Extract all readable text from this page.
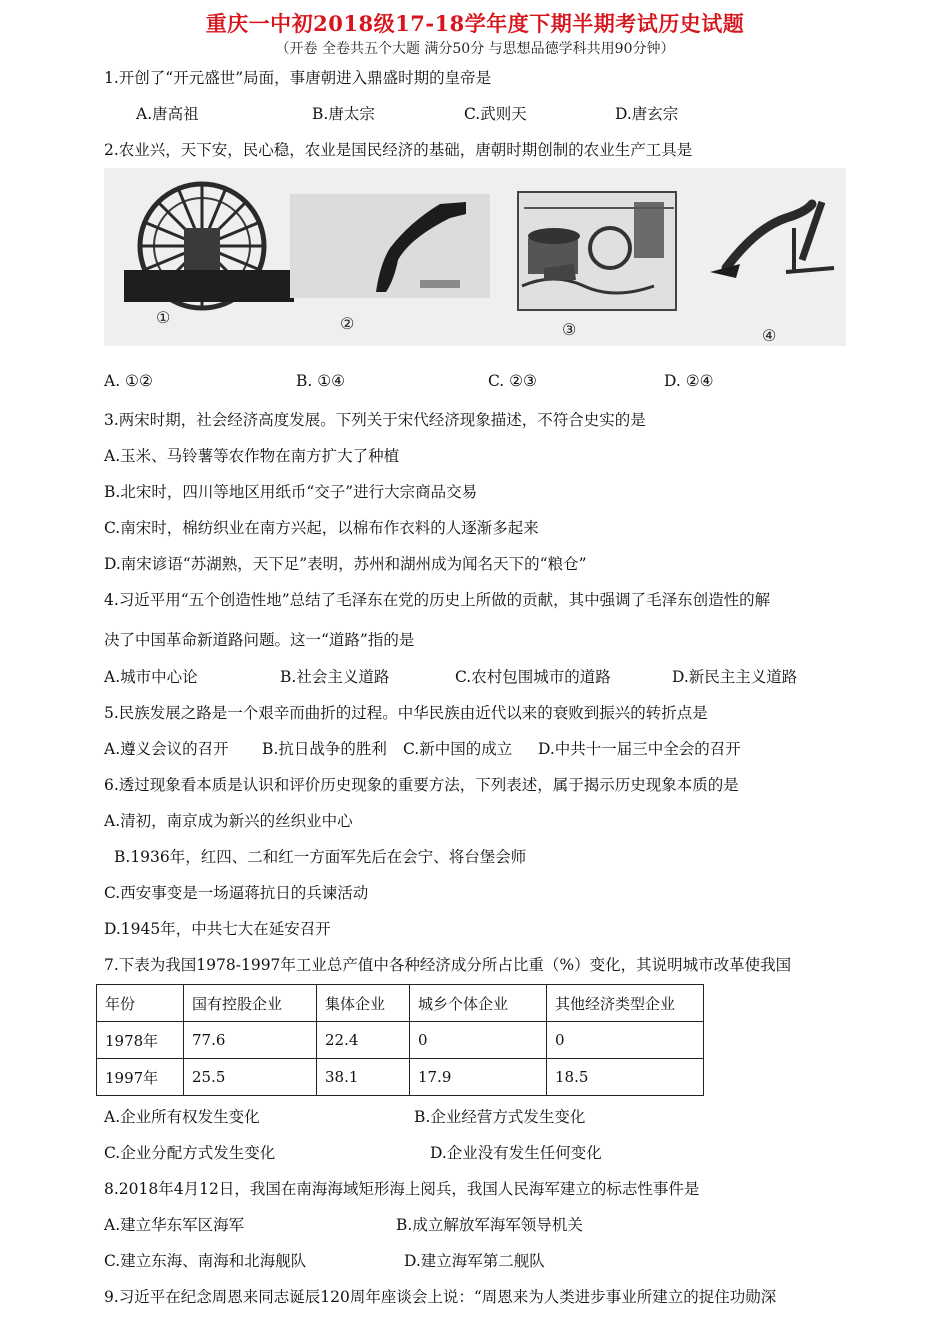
重庆一中初2018级17-18学年度下期半期考试历史试题
（开卷 全卷共五个大题 满分50分 与思想品德学科共用90分钟）
1.开创了“开元盛世”局面，事唐朝进入鼎盛时期的皇帝是
A.唐高祖	B.唐太宗	C.武则天	D.唐玄宗
2.农业兴，天下安，民心稳，农业是国民经济的基础，唐朝时期创制的农业生产工具是
①	②	③	④
A. ①②	B. ①④	C. ②③	D. ②④
3.两宋时期，社会经济高度发展。下列关于宋代经济现象描述，不符合史实的是
A.玉米、马铃薯等农作物在南方扩大了种植
B.北宋时，四川等地区用纸币“交子”进行大宗商品交易
C.南宋时，棉纺织业在南方兴起，以棉布作衣料的人逐渐多起来
D.南宋谚语“苏湖熟，天下足”表明，苏州和湖州成为闻名天下的“粮仓”
4.习近平用“五个创造性地”总结了毛泽东在党的历史上所做的贡献，其中强调了毛泽东创造性的解
决了中国革命新道路问题。这一“道路”指的是
A.城市中心论	B.社会主义道路	C.农村包围城市的道路	D.新民主主义道路
5.民族发展之路是一个艰辛而曲折的过程。中华民族由近代以来的衰败到振兴的转折点是
A.遵义会议的召开 B.抗日战争的胜利 C.新中国的成立 D.中共十一届三中全会的召开
6.透过现象看本质是认识和评价历史现象的重要方法，下列表述，属于揭示历史现象本质的是
A.清初，南京成为新兴的丝织业中心
B.1936年，红四、二和红一方面军先后在会宁、将台堡会师
C.西安事变是一场逼蒋抗日的兵谏活动
D.1945年，中共七大在延安召开
7.下表为我国1978-1997年工业总产值中各种经济成分所占比重（%）变化，其说明城市改革使我国
年份	国有控股企业	集体企业	城乡个体企业	其他经济类型企业
1978年	77.6	22.4	0	0
1997年	25.5	38.1	17.9	18.5
A.企业所有权发生变化	B.企业经营方式发生变化
C.企业分配方式发生变化	D.企业没有发生任何变化
8.2018年4月12日，我国在南海海域矩形海上阅兵，我国人民海军建立的标志性事件是
A.建立华东军区海军	B.成立解放军海军领导机关
C.建立东海、南海和北海舰队	D.建立海军第二舰队
9.习近平在纪念周恩来同志诞辰120周年座谈会上说：“周恩来为人类进步事业所建立的捉住功勋深
